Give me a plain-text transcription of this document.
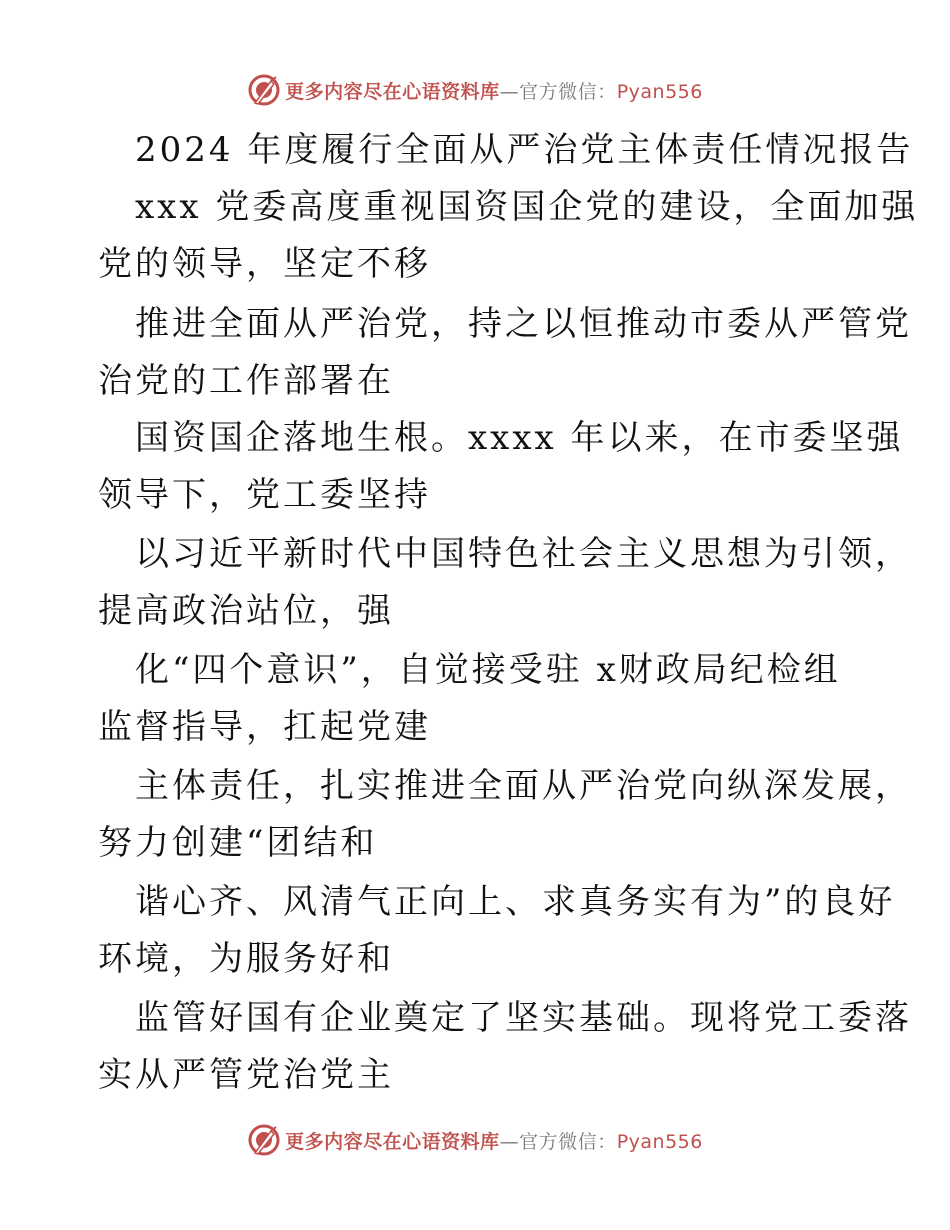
更多内容尽在心语资料库—官方微信：Pyan556
2024 年度履行全面从严治党主体责任情况报告
xxx 党委高度重视国资国企党的建设，全面加强
党的领导，坚定不移
推进全面从严治党，持之以恒推动市委从严管党
治党的工作部署在
国资国企落地生根。xxxx 年以来，在市委坚强
领导下，党工委坚持
以习近平新时代中国特色社会主义思想为引领，
提高政治站位，强
化“四个意识”，自觉接受驻 x财政局纪检组
监督指导，扛起党建
主体责任，扎实推进全面从严治党向纵深发展，
努力创建“团结和
谐心齐、风清气正向上、求真务实有为”的良好
环境，为服务好和
监管好国有企业奠定了坚实基础。现将党工委落
实从严管党治党主
更多内容尽在心语资料库—官方微信：Pyan556
